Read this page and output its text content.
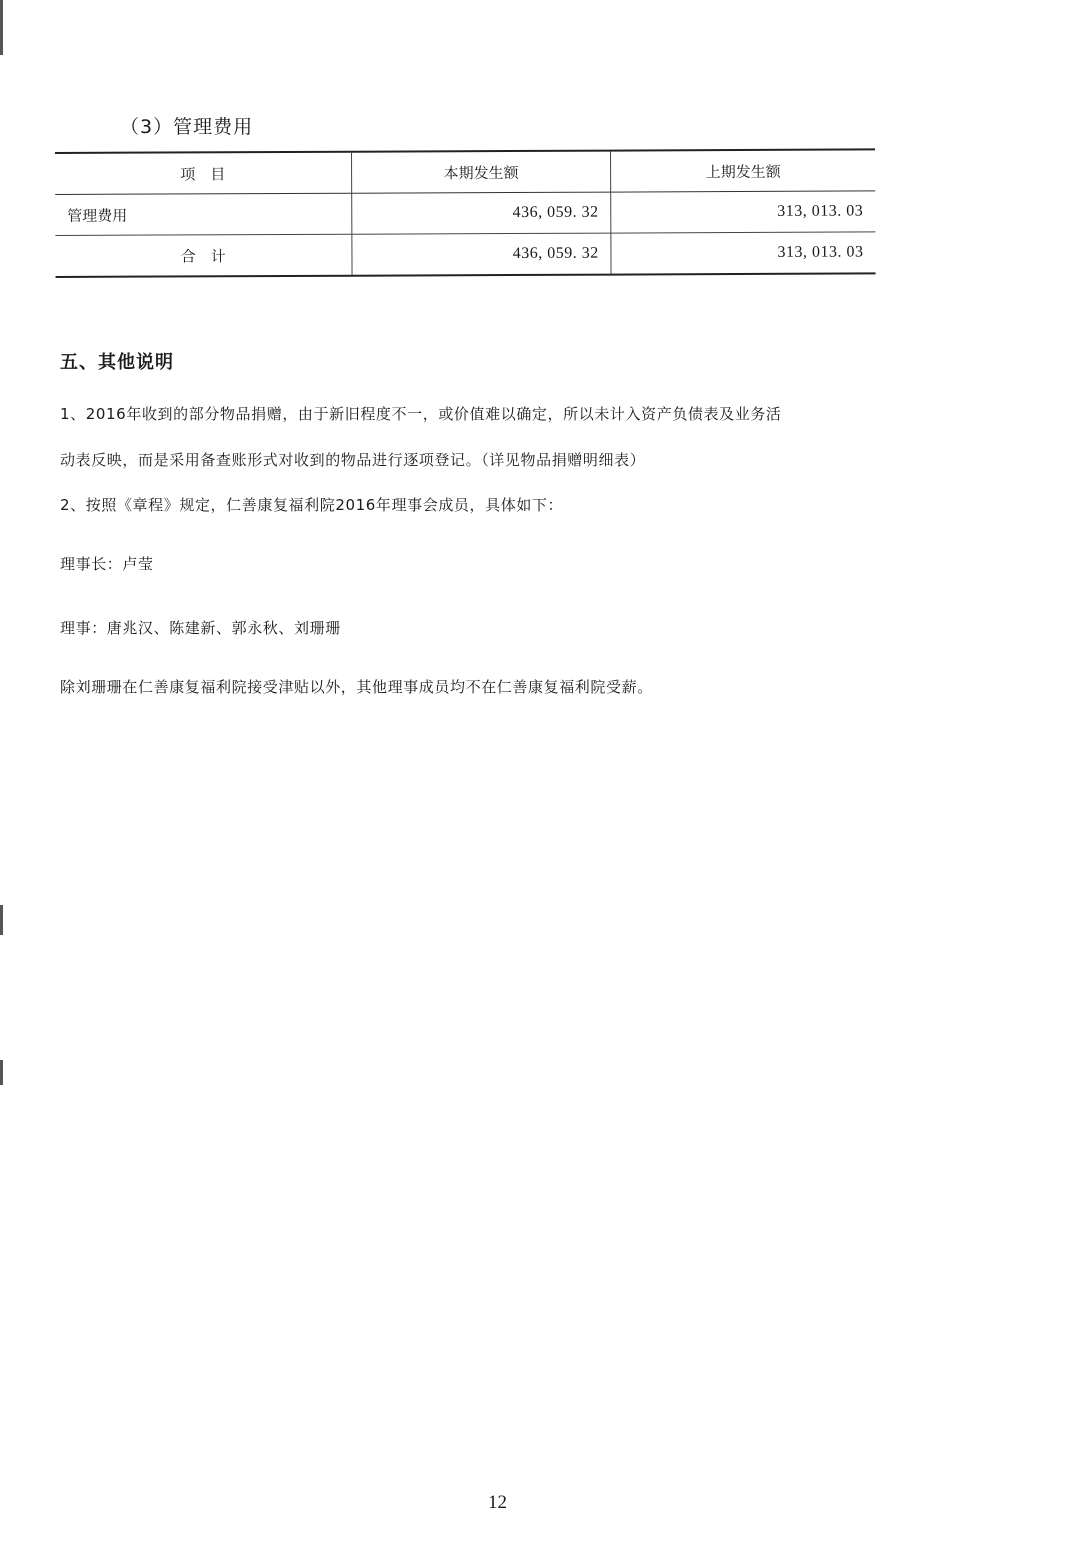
（3）管理费用
项　目	本期发生额	上期发生额
管理费用	436, 059. 32	313, 013. 03
合　计	436, 059. 32	313, 013. 03
五、其他说明
1、2016年收到的部分物品捐赠，由于新旧程度不一，或价值难以确定，所以未计入资产负债表及业务活
动表反映，而是采用备查账形式对收到的物品进行逐项登记。（详见物品捐赠明细表）
2、按照《章程》规定，仁善康复福利院2016年理事会成员，具体如下：
理事长：卢莹
理事：唐兆汉、陈建新、郭永秋、刘珊珊
除刘珊珊在仁善康复福利院接受津贴以外，其他理事成员均不在仁善康复福利院受薪。
12
